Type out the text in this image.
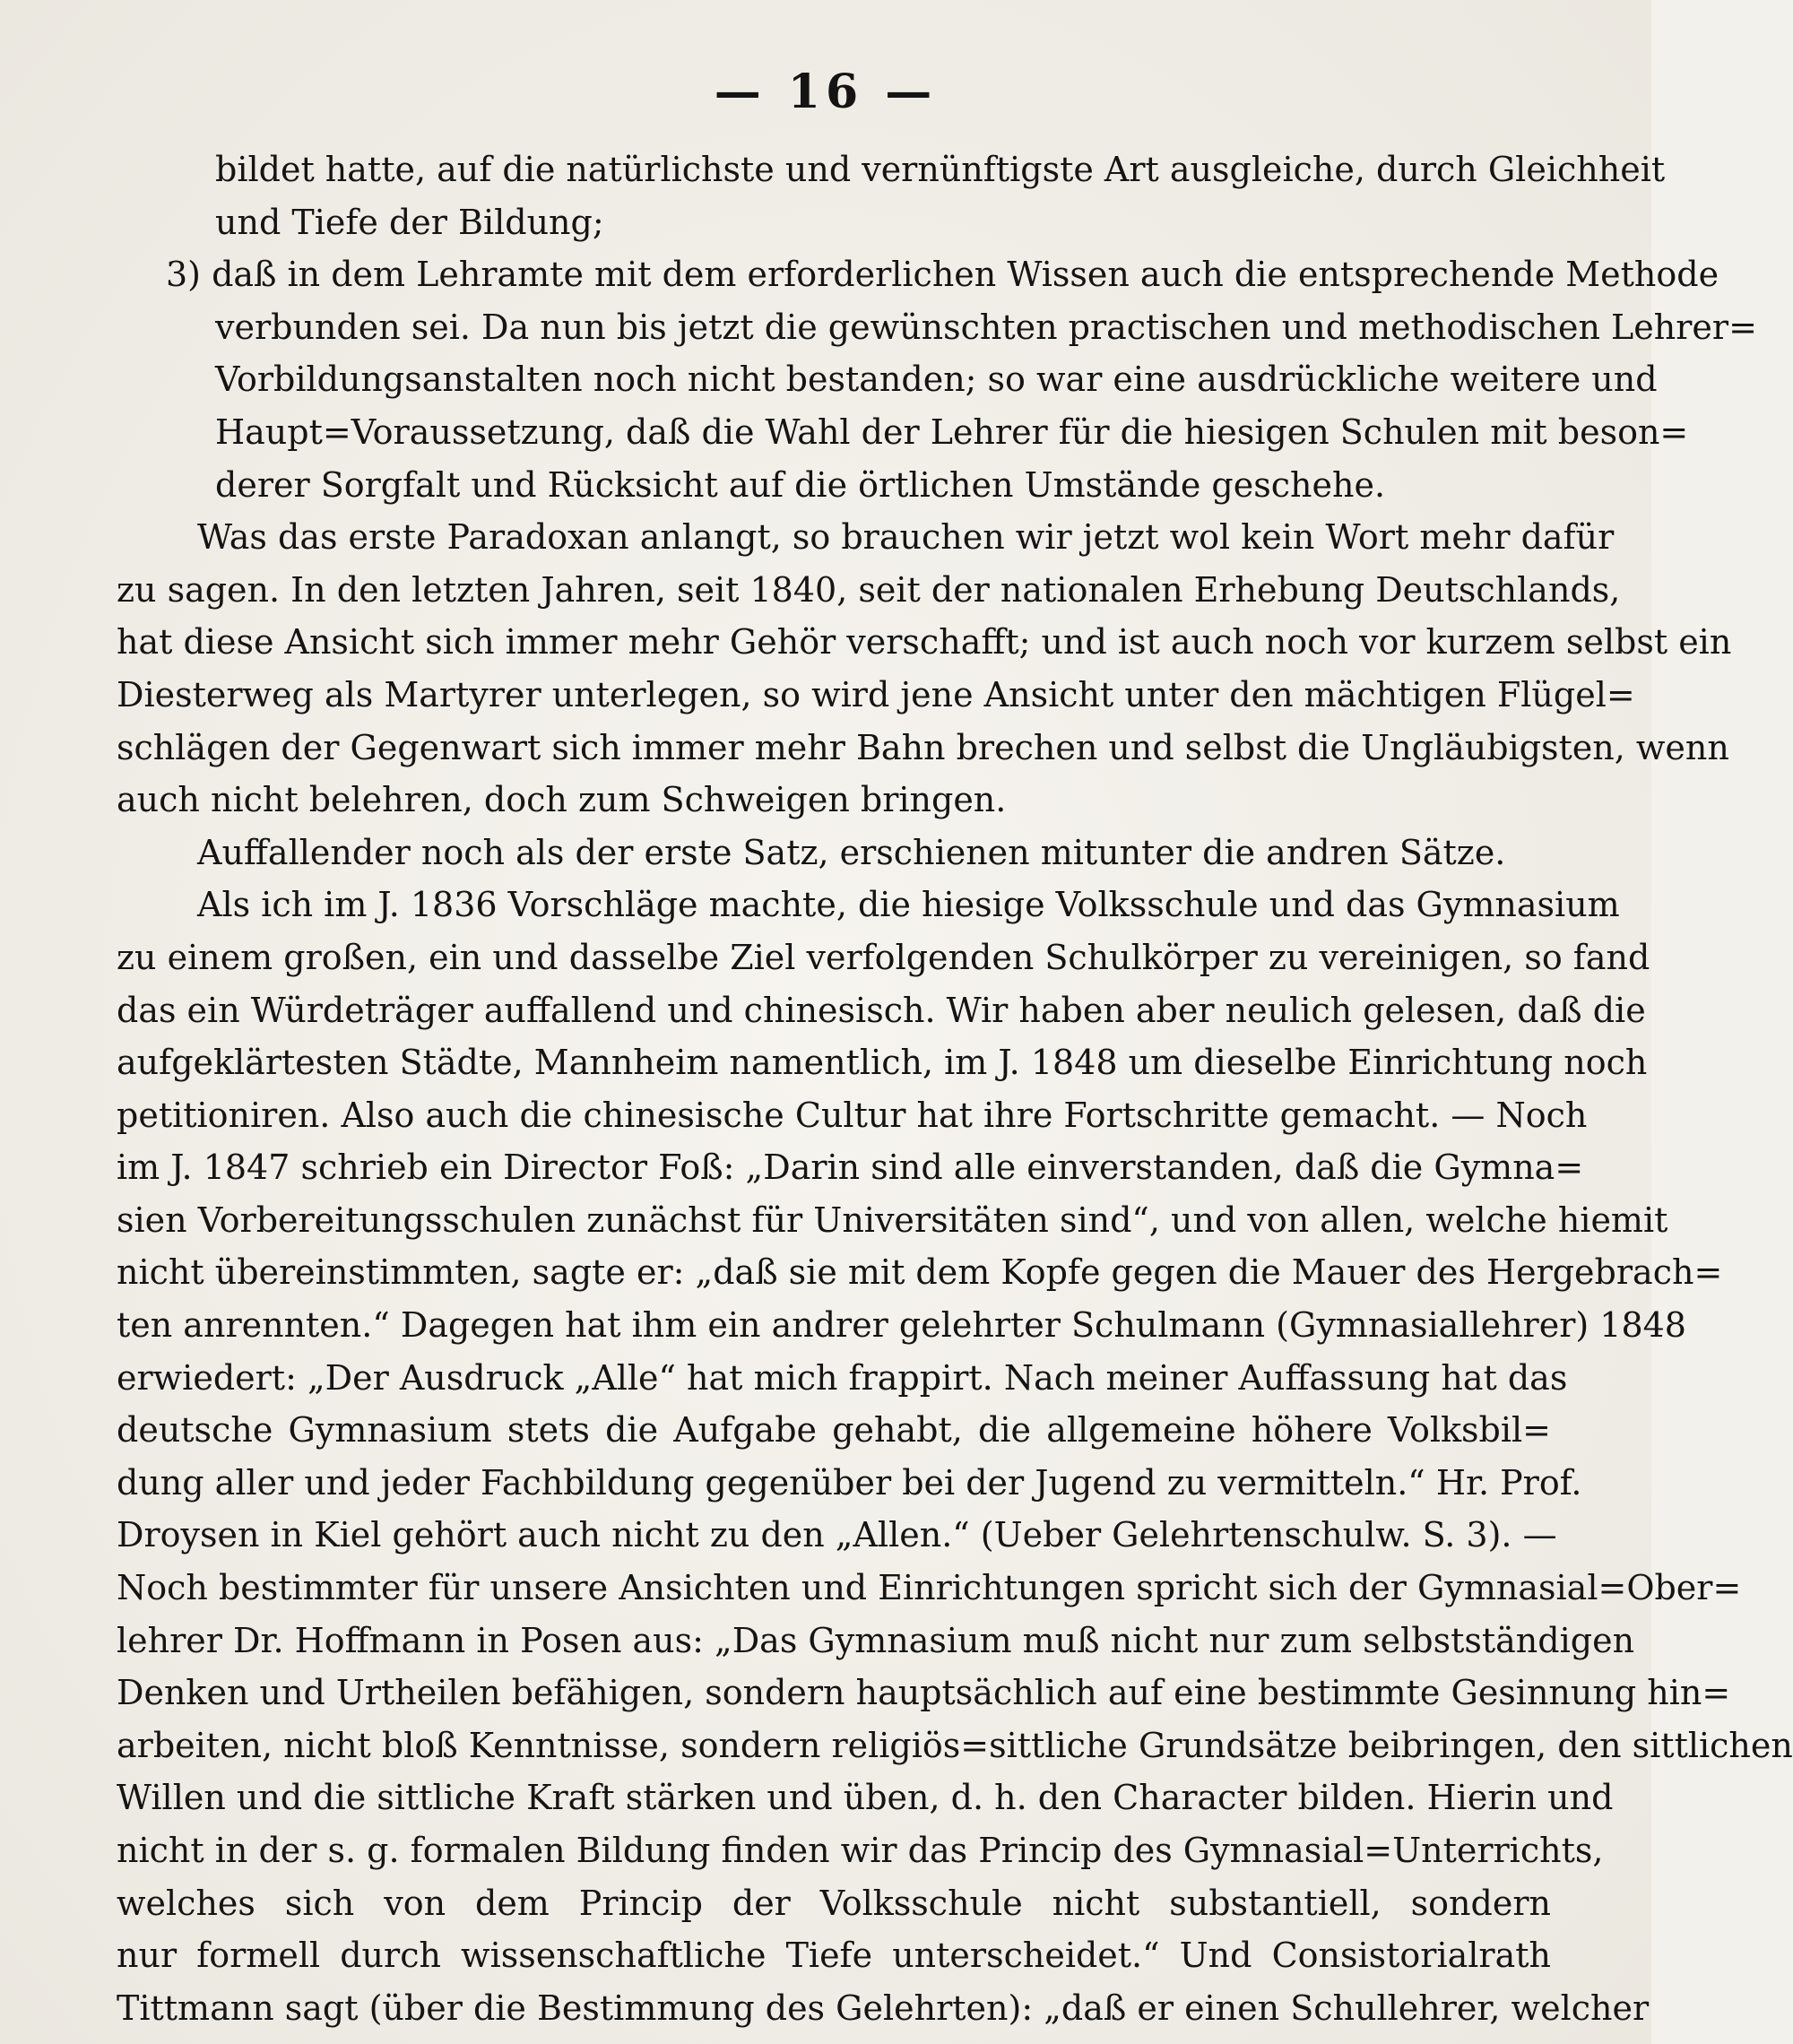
— 16 —
bildet hatte, auf die natürlichste und vernünftigste Art ausgleiche, durch Gleichheit
und Tiefe der Bildung;
3) daß in dem Lehramte mit dem erforderlichen Wissen auch die entsprechende Methode
verbunden sei. Da nun bis jetzt die gewünschten practischen und methodischen Lehrer=
Vorbildungsanstalten noch nicht bestanden; so war eine ausdrückliche weitere und
Haupt=Voraussetzung, daß die Wahl der Lehrer für die hiesigen Schulen mit beson=
derer Sorgfalt und Rücksicht auf die örtlichen Umstände geschehe.
Was das erste Paradoxan anlangt, so brauchen wir jetzt wol kein Wort mehr dafür
zu sagen. In den letzten Jahren, seit 1840, seit der nationalen Erhebung Deutschlands,
hat diese Ansicht sich immer mehr Gehör verschafft; und ist auch noch vor kurzem selbst ein
Diesterweg als Martyrer unterlegen, so wird jene Ansicht unter den mächtigen Flügel=
schlägen der Gegenwart sich immer mehr Bahn brechen und selbst die Ungläubigsten, wenn
auch nicht belehren, doch zum Schweigen bringen.
Auffallender noch als der erste Satz, erschienen mitunter die andren Sätze.
Als ich im J. 1836 Vorschläge machte, die hiesige Volksschule und das Gymnasium
zu einem großen, ein und dasselbe Ziel verfolgenden Schulkörper zu vereinigen, so fand
das ein Würdeträger auffallend und chinesisch. Wir haben aber neulich gelesen, daß die
aufgeklärtesten Städte, Mannheim namentlich, im J. 1848 um dieselbe Einrichtung noch
petitioniren. Also auch die chinesische Cultur hat ihre Fortschritte gemacht. — Noch
im J. 1847 schrieb ein Director Foß: „Darin sind alle einverstanden, daß die Gymna=
sien Vorbereitungsschulen zunächst für Universitäten sind“, und von allen, welche hiemit
nicht übereinstimmten, sagte er: „daß sie mit dem Kopfe gegen die Mauer des Hergebrach=
ten anrennten.“ Dagegen hat ihm ein andrer gelehrter Schulmann (Gymnasiallehrer) 1848
erwiedert: „Der Ausdruck „Alle“ hat mich frappirt. Nach meiner Auffassung hat das
deutsche Gymnasium stets die Aufgabe gehabt, die allgemeine höhere Volksbil=
dung aller und jeder Fachbildung gegenüber bei der Jugend zu vermitteln.“ Hr. Prof.
Droysen in Kiel gehört auch nicht zu den „Allen.“ (Ueber Gelehrtenschulw. S. 3). —
Noch bestimmter für unsere Ansichten und Einrichtungen spricht sich der Gymnasial=Ober=
lehrer Dr. Hoffmann in Posen aus: „Das Gymnasium muß nicht nur zum selbstständigen
Denken und Urtheilen befähigen, sondern hauptsächlich auf eine bestimmte Gesinnung hin=
arbeiten, nicht bloß Kenntnisse, sondern religiös=sittliche Grundsätze beibringen, den sittlichen
Willen und die sittliche Kraft stärken und üben, d. h. den Character bilden. Hierin und
nicht in der s. g. formalen Bildung finden wir das Princip des Gymnasial=Unterrichts,
welches sich von dem Princip der Volksschule nicht substantiell, sondern
nur formell durch wissenschaftliche Tiefe unterscheidet.“ Und Consistorialrath
Tittmann sagt (über die Bestimmung des Gelehrten): „daß er einen Schullehrer, welcher
